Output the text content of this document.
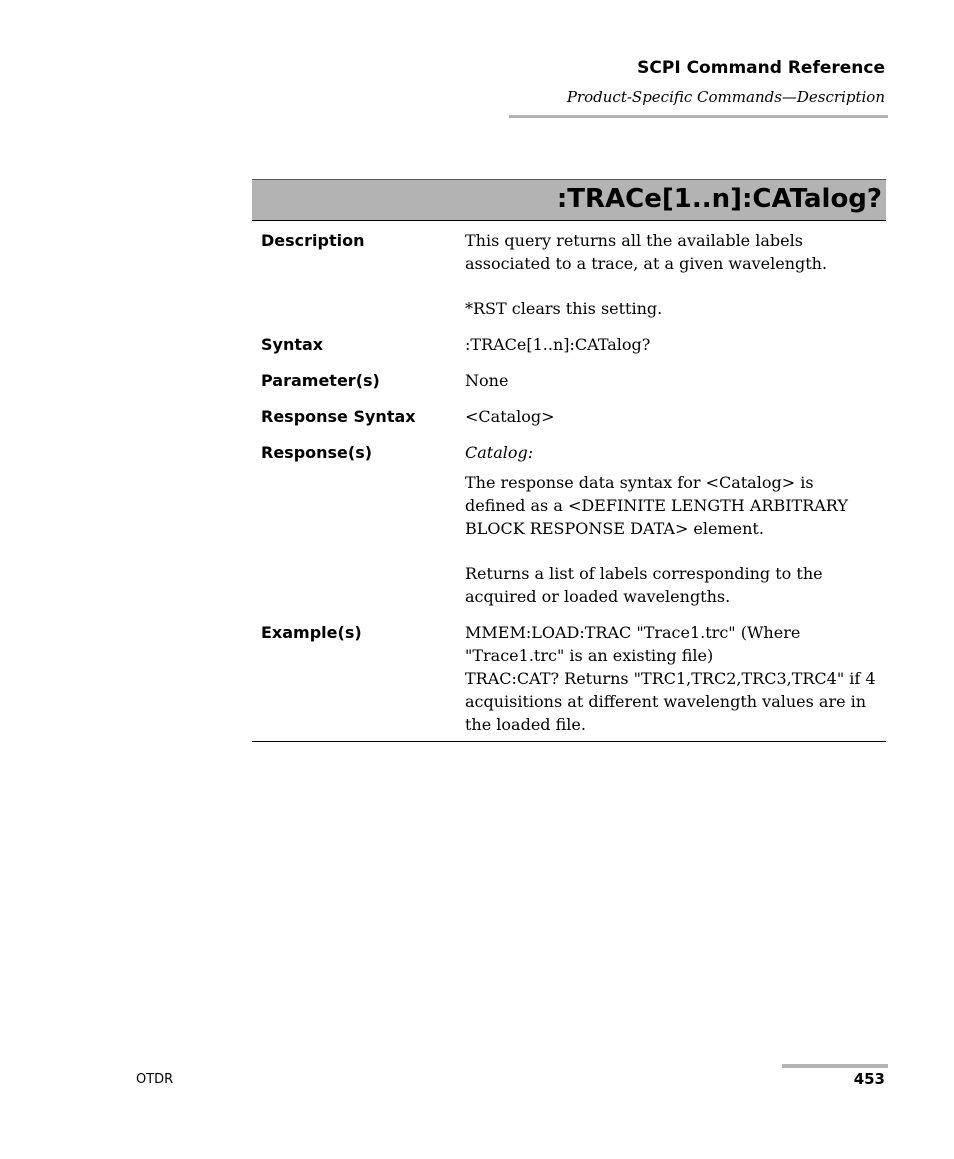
SCPI Command Reference
Product-Specific Commands—Description
:TRACe[1..n]:CATalog?
Description	This query returns all the available labels

associated to a trace, at a given wavelength.

*RST clears this setting.

Syntax	:TRACe[1..n]:CATalog?
Parameter(s)	None
Response Syntax	<Catalog>
Response(s)	Catalog:

The response data syntax for <Catalog> is

defined as a <DEFINITE LENGTH ARBITRARY

BLOCK RESPONSE DATA> element.

Returns a list of labels corresponding to the

acquired or loaded wavelengths.

Example(s)	MMEM:LOAD:TRAC "Trace1.trc" (Where

"Trace1.trc" is an existing file)

TRAC:CAT? Returns "TRC1,TRC2,TRC3,TRC4" if 4

acquisitions at different wavelength values are in

the loaded file.

OTDR	453
